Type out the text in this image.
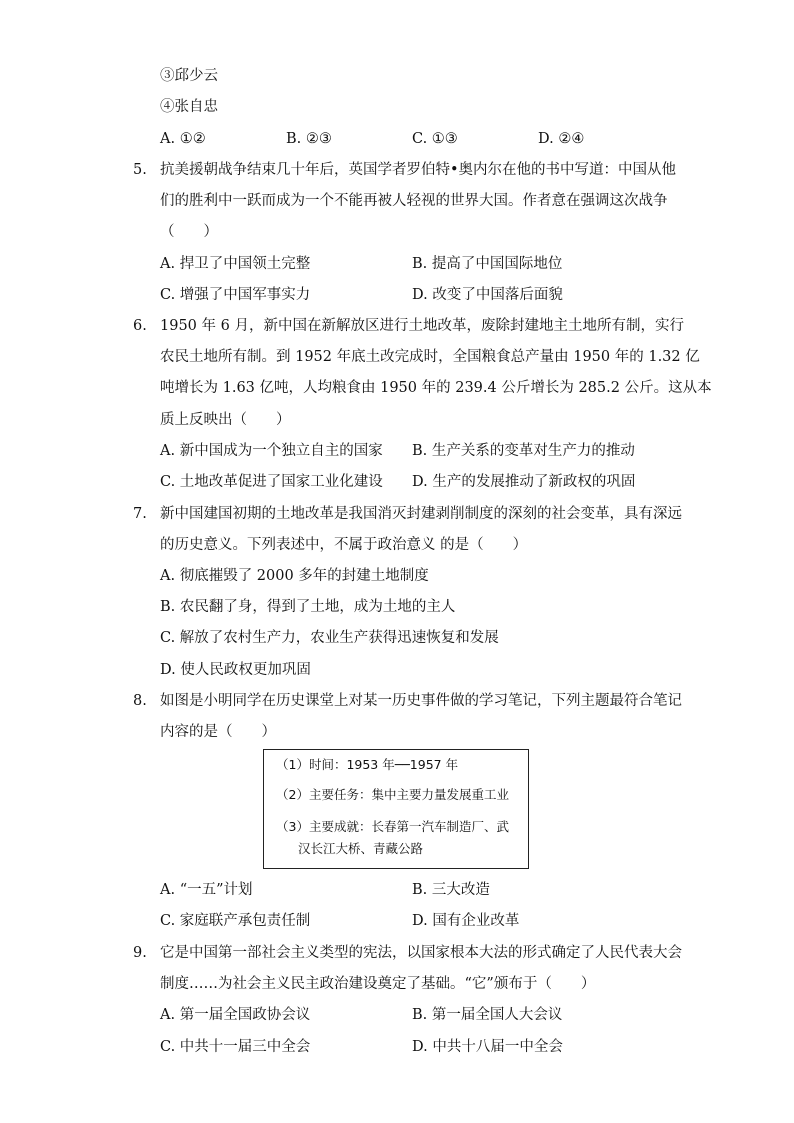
③邱少云
④张自忠
A. ①②	B. ②③	C. ①③	D. ②④
5. 抗美援朝战争结束几十年后，英国学者罗伯特•奥内尔在他的书中写道：中国从他
们的胜利中一跃而成为一个不能再被人轻视的世界大国。作者意在强调这次战争
（　　）
A. 捍卫了中国领土完整	B. 提高了中国国际地位
C. 增强了中国军事实力	D. 改变了中国落后面貌
6. 1950 年 6 月，新中国在新解放区进行土地改革，废除封建地主土地所有制，实行
农民土地所有制。到 1952 年底土改完成时，全国粮食总产量由 1950 年的 1.32 亿
吨增长为 1.63 亿吨，人均粮食由 1950 年的 239.4 公斤增长为 285.2 公斤。这从本
质上反映出（　　）
A. 新中国成为一个独立自主的国家 B. 生产关系的变革对生产力的推动
C. 土地改革促进了国家工业化建设 D. 生产的发展推动了新政权的巩固
7. 新中国建国初期的土地改革是我国消灭封建剥削制度的深刻的社会变革，具有深远
的历史意义。下列表述中，不属于政治意义 的是（　　）
A. 彻底摧毁了 2000 多年的封建土地制度
B. 农民翻了身，得到了土地，成为土地的主人
C. 解放了农村生产力，农业生产获得迅速恢复和发展
D. 使人民政权更加巩固
8. 如图是小明同学在历史课堂上对某一历史事件做的学习笔记，下列主题最符合笔记
内容的是（　　）
（1）时间：1953 年──1957 年
（2）主要任务：集中主要力量发展重工业
（3）主要成就：长春第一汽车制造厂、武
汉长江大桥、青藏公路
A. “一五”计划	B. 三大改造
C. 家庭联产承包责任制	D. 国有企业改革
9. 它是中国第一部社会主义类型的宪法，以国家根本大法的形式确定了人民代表大会
制度……为社会主义民主政治建设奠定了基础。“它”颁布于（　　）
A. 第一届全国政协会议	B. 第一届全国人大会议
C. 中共十一届三中全会	D. 中共十八届一中全会
